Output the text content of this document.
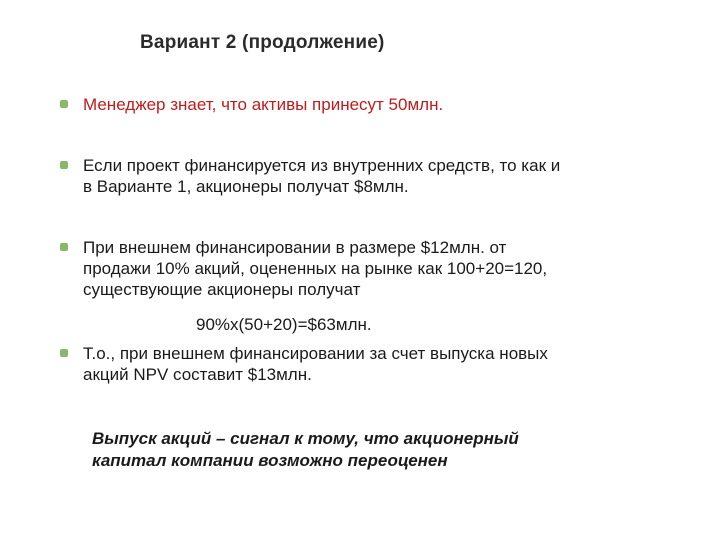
Вариант 2 (продолжение)
Менеджер знает, что активы принесут 50млн.
Если проект финансируется из внутренних средств, то как и
в Варианте 1, акционеры получат $8млн.
При внешнем финансировании в размере $12млн. от
продажи 10% акций, оцененных на рынке как 100+20=120,
существующие акционеры получат
90%х(50+20)=$63млн.
Т.о., при внешнем финансировании за счет выпуска новых
акций NPV составит $13млн.
Выпуск акций – сигнал к тому, что акционерный
капитал компании возможно переоценен
